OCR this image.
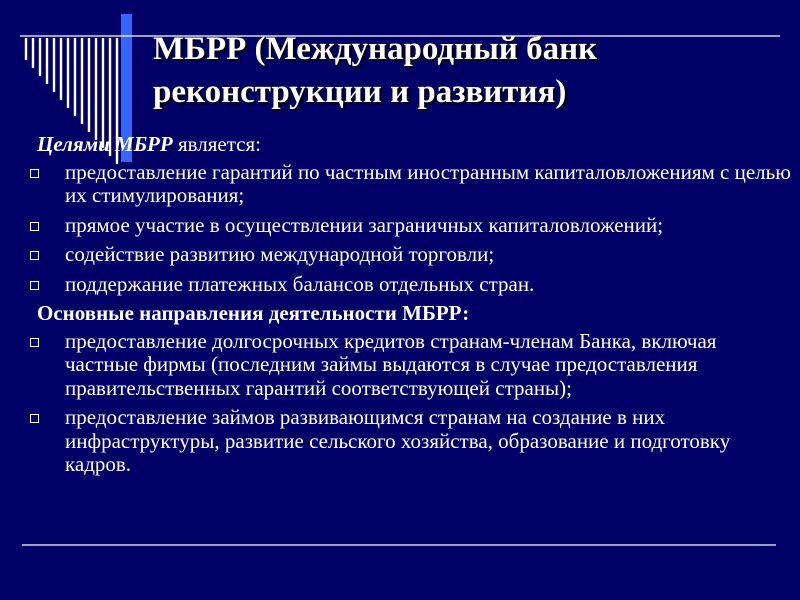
МБРР (Международный банк реконструкции и развития)
Целями МБРР является:
предоставление гарантий по частным иностранным капиталовложениям с целью их стимулирования;
прямое участие в осуществлении заграничных капиталовложений;
содействие развитию международной торговли;
поддержание платежных балансов отдельных стран.
Основные направления деятельности МБРР:
предоставление долгосрочных кредитов странам-членам Банка, включая частные фирмы (последним займы выдаются в случае предоставления правительственных гарантий соответствующей страны);
предоставление займов развивающимся странам на создание в них инфраструктуры, развитие сельского хозяйства, образование и подготовку кадров.
